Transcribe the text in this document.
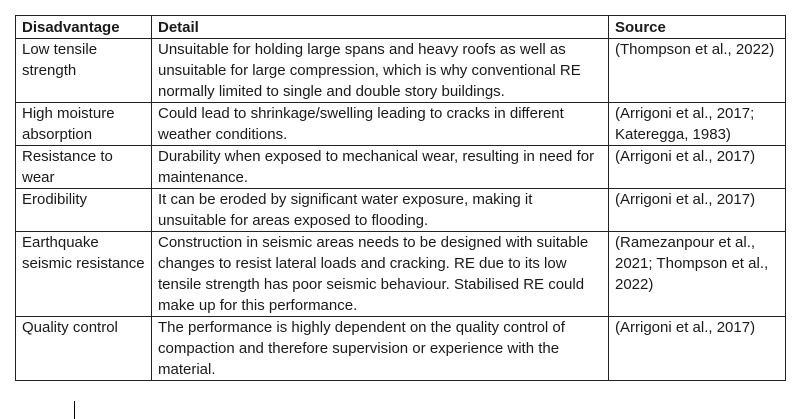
Disadvantage	Detail	Source
Low tensile strength	Unsuitable for holding large spans and heavy roofs as well as unsuitable for large compression, which is why conventional RE normally limited to single and double story buildings.	(Thompson et al., 2022)
High moisture absorption	Could lead to shrinkage/swelling leading to cracks in different weather conditions.	(Arrigoni et al., 2017; Kateregga, 1983)
Resistance to wear	Durability when exposed to mechanical wear, resulting in need for maintenance.	(Arrigoni et al., 2017)
Erodibility	It can be eroded by significant water exposure, making it unsuitable for areas exposed to flooding.	(Arrigoni et al., 2017)
Earthquake seismic resistance	Construction in seismic areas needs to be designed with suitable changes to resist lateral loads and cracking. RE due to its low tensile strength has poor seismic behaviour. Stabilised RE could make up for this performance.	(Ramezanpour et al., 2021; Thompson et al., 2022)
Quality control	The performance is highly dependent on the quality control of compaction and therefore supervision or experience with the material.	(Arrigoni et al., 2017)
